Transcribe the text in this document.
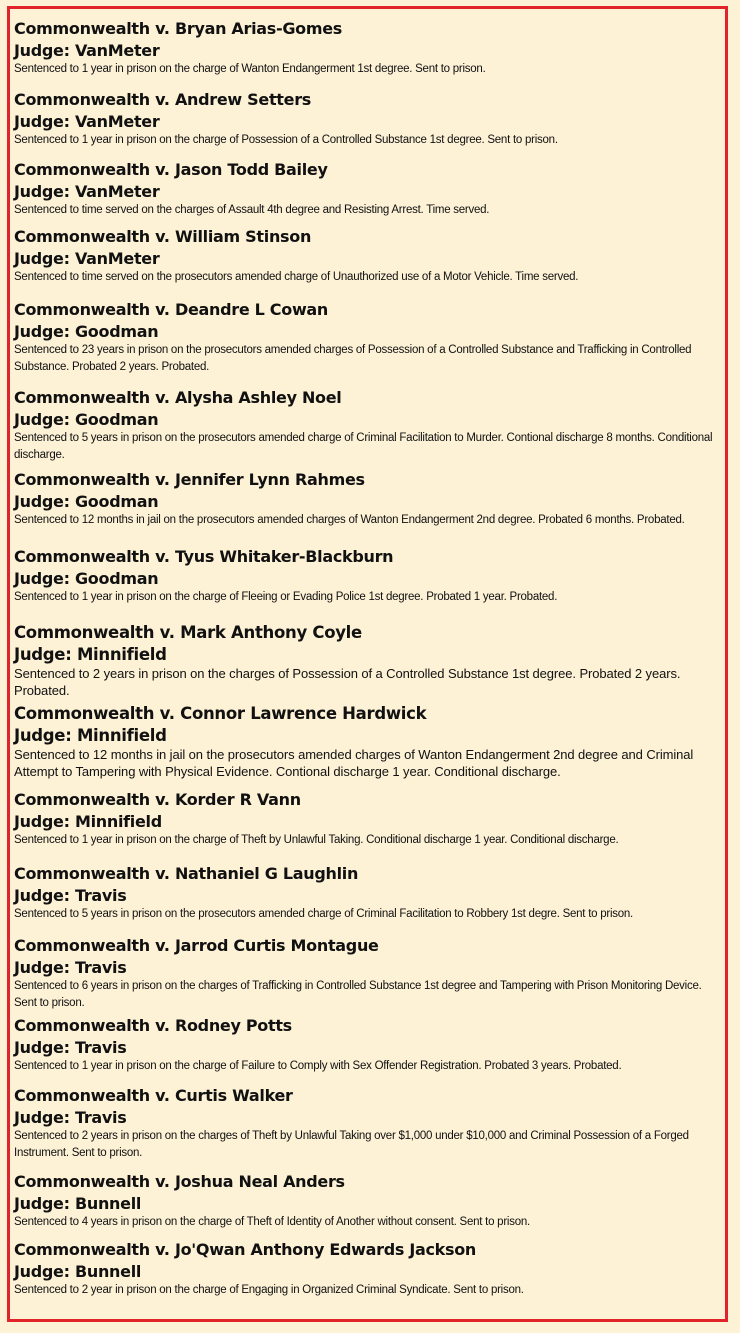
Commonwealth v. Bryan Arias-Gomes
Judge: VanMeter
Sentenced to 1 year in prison on the charge of Wanton Endangerment 1st degree. Sent to prison.
Commonwealth v. Andrew Setters
Judge: VanMeter
Sentenced to 1 year in prison on the charge of Possession of a Controlled Substance 1st degree. Sent to prison.
Commonwealth v. Jason Todd Bailey
Judge: VanMeter
Sentenced to time served on the charges of Assault 4th degree and Resisting Arrest. Time served.
Commonwealth v. William Stinson
Judge: VanMeter
Sentenced to time served on the prosecutors amended charge of Unauthorized use of a Motor Vehicle. Time served.
Commonwealth v. Deandre L Cowan
Judge: Goodman
Sentenced to 23 years in prison on the prosecutors amended charges of Possession of a Controlled Substance and Trafficking in Controlled Substance. Probated 2 years. Probated.
Commonwealth v. Alysha Ashley Noel
Judge: Goodman
Sentenced to 5 years in prison on the prosecutors amended charge of Criminal Facilitation to Murder. Contional discharge 8 months. Conditional discharge.
Commonwealth v. Jennifer Lynn Rahmes
Judge: Goodman
Sentenced to 12 months in jail on the prosecutors amended charges of Wanton Endangerment 2nd degree. Probated 6 months. Probated.
Commonwealth v. Tyus Whitaker-Blackburn
Judge: Goodman
Sentenced to 1 year in prison on the charge of Fleeing or Evading Police 1st degree. Probated 1 year. Probated.
Commonwealth v. Mark Anthony Coyle
Judge: Minnifield
Sentenced to 2 years in prison on the charges of Possession of a Controlled Substance 1st degree. Probated 2 years. Probated.
Commonwealth v. Connor Lawrence Hardwick
Judge: Minnifield
Sentenced to 12 months in jail on the prosecutors amended charges of Wanton Endangerment 2nd degree and Criminal Attempt to Tampering with Physical Evidence. Contional discharge 1 year. Conditional discharge.
Commonwealth v. Korder R Vann
Judge: Minnifield
Sentenced to 1 year in prison on the charge of Theft by Unlawful Taking. Conditional discharge 1 year. Conditional discharge.
Commonwealth v. Nathaniel G Laughlin
Judge: Travis
Sentenced to 5 years in prison on the prosecutors amended charge of Criminal Facilitation to Robbery 1st degre. Sent to prison.
Commonwealth v. Jarrod Curtis Montague
Judge: Travis
Sentenced to 6 years in prison on the charges of Trafficking in Controlled Substance 1st degree and Tampering with Prison Monitoring Device. Sent to prison.
Commonwealth v. Rodney Potts
Judge: Travis
Sentenced to 1 year in prison on the charge of Failure to Comply with Sex Offender Registration. Probated 3 years. Probated.
Commonwealth v. Curtis Walker
Judge: Travis
Sentenced to 2 years in prison on the charges of Theft by Unlawful Taking over $1,000 under $10,000 and Criminal Possession of a Forged Instrument. Sent to prison.
Commonwealth v. Joshua Neal Anders
Judge: Bunnell
Sentenced to 4 years in prison on the charge of Theft of Identity of Another without consent. Sent to prison.
Commonwealth v. Jo'Qwan Anthony Edwards Jackson
Judge: Bunnell
Sentenced to 2 year in prison on the charge of Engaging in Organized Criminal Syndicate. Sent to prison.
